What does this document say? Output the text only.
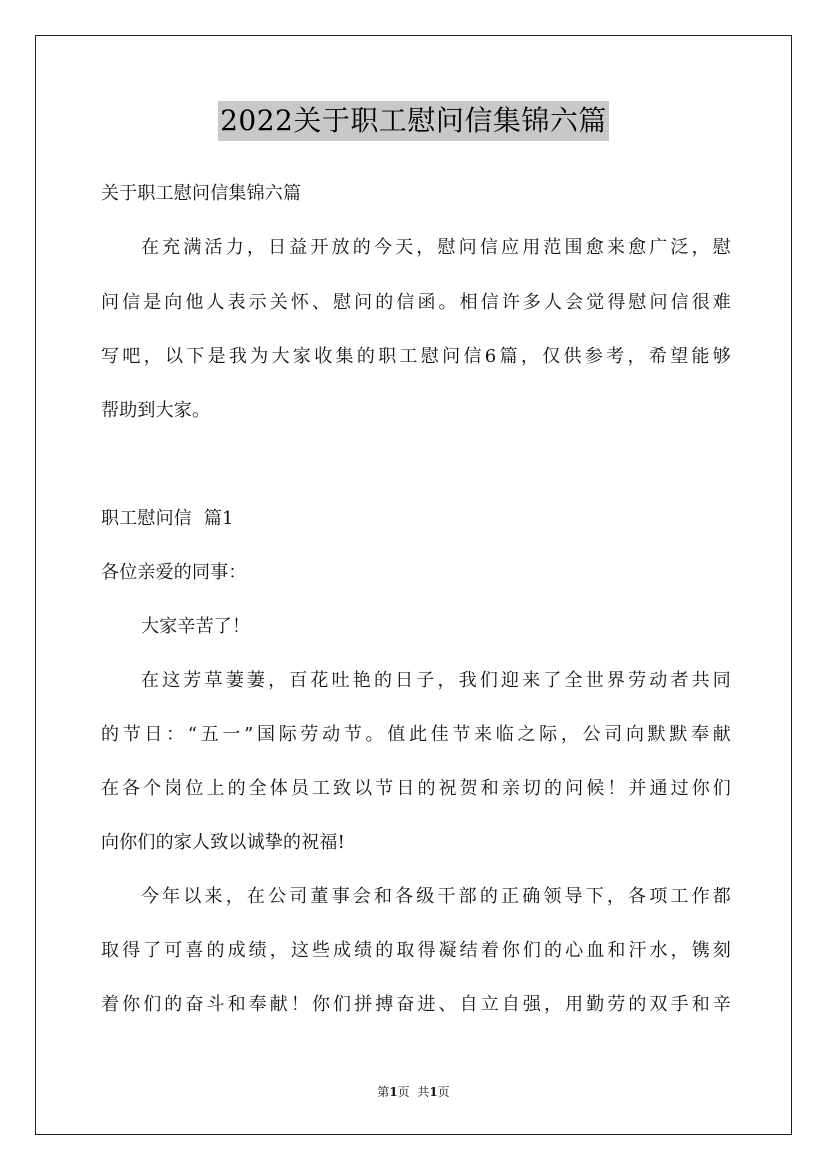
2022关于职工慰问信集锦六篇
关于职工慰问信集锦六篇
在充满活力，日益开放的今天，慰问信应用范围愈来愈广泛，慰
问信是向他人表示关怀、慰问的信函。相信许多人会觉得慰问信很难
写吧，以下是我为大家收集的职工慰问信6篇，仅供参考，希望能够
帮助到大家。
职工慰问信  篇1
各位亲爱的同事：
大家辛苦了！
在这芳草萋萋，百花吐艳的日子，我们迎来了全世界劳动者共同
的节日：“五一”国际劳动节。值此佳节来临之际，公司向默默奉献
在各个岗位上的全体员工致以节日的祝贺和亲切的问候！并通过你们
向你们的家人致以诚挚的祝福!
今年以来，在公司董事会和各级干部的正确领导下，各项工作都
取得了可喜的成绩，这些成绩的取得凝结着你们的心血和汗水，镌刻
着你们的奋斗和奉献！你们拼搏奋进、自立自强，用勤劳的双手和辛
第1页  共1页
